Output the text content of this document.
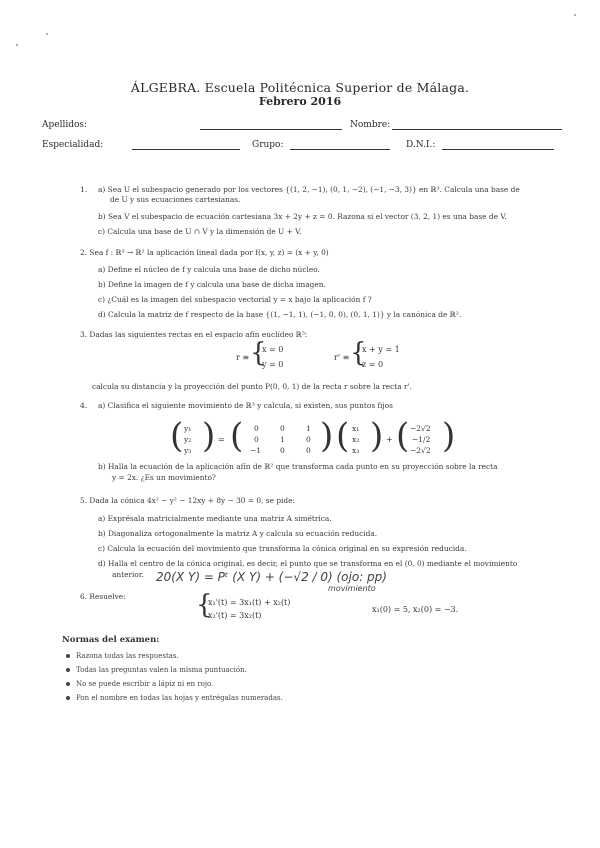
ÁLGEBRA. Escuela Politécnica Superior de Málaga.
Febrero 2016
Apellidos:	Nombre:
Especialidad:	Grupo:	D.N.I.:
1. a) Sea U el subespacio generado por los vectores {(1, 2, −1), (0, 1, −2), (−1, −3, 3)} en ℝ³. Calcula una base de
de U y sus ecuaciones cartesianas.
b) Sea V el subespacio de ecuación cartesiana 3x + 2y + z = 0. Razona si el vector (3, 2, 1) es una base de V.
c) Calcula una base de U ∩ V y la dimensión de U + V.
2. Sea f : ℝ³ → ℝ² la aplicación lineal dada por f(x, y, z) = (x + y, 0)
a) Define el núcleo de f y calcula una base de dicho núcleo.
b) Define la imagen de f y calcula una base de dicha imagen.
c) ¿Cuál es la imagen del subespacio vectorial y = x bajo la aplicación f ?
d) Calcula la matriz de f respecto de la base {(1, −1, 1), (−1, 0, 0), (0, 1, 1)} y la canónica de ℝ².
3. Dadas las siguientes rectas en el espacio afín euclídeo ℝ³:
r ≡ {
x = 0
y = 0
r' ≡ {
x + y = 1
z = 0
calcula su distancia y la proyección del punto P(0, 0, 1) de la recta r sobre la recta r'.
4. a) Clasifica el siguiente movimiento de ℝ³ y calcula, si existen, sus puntos fijos
( y₁
y₂
y₃ ) = ( 0	0	1
0	1	0
−1	0	0 ) ( x₁
x₂
x₃ ) + ( −2√2
−1/2
−2√2 )
b) Halla la ecuación de la aplicación afín de ℝ² que transforma cada punto en su proyección sobre la recta
y = 2x. ¿Es un movimiento?
5. Dada la cónica 4x² − y² − 12xy + 8y − 30 = 0, se pide:
a) Exprésala matricialmente mediante una matriz A simétrica.
b) Diagonaliza ortogonalmente la matriz A y calcula su ecuación reducida.
c) Calcula la ecuación del movimiento que transforma la cónica original en su expresión reducida.
d) Halla el centro de la cónica original, es decir, el punto que se transforma en el (0, 0) mediante el movimiento
anterior. 20(X Y) = Pᵗ (X Y) + (−√2 / 0) (ojo: pp)
movimiento
6. Resuelve:	{
x₁'(t) = 3x₁(t) + x₂(t)
x₂'(t) = 3x₂(t)
x₁(0) = 5, x₂(0) = −3.
Normas del examen:
Razona todas las respuestas.
Todas las preguntas valen la misma puntuación.
No se puede escribir a lápiz ni en rojo.
Pon el nombre en todas las hojas y entrégalas numeradas.
